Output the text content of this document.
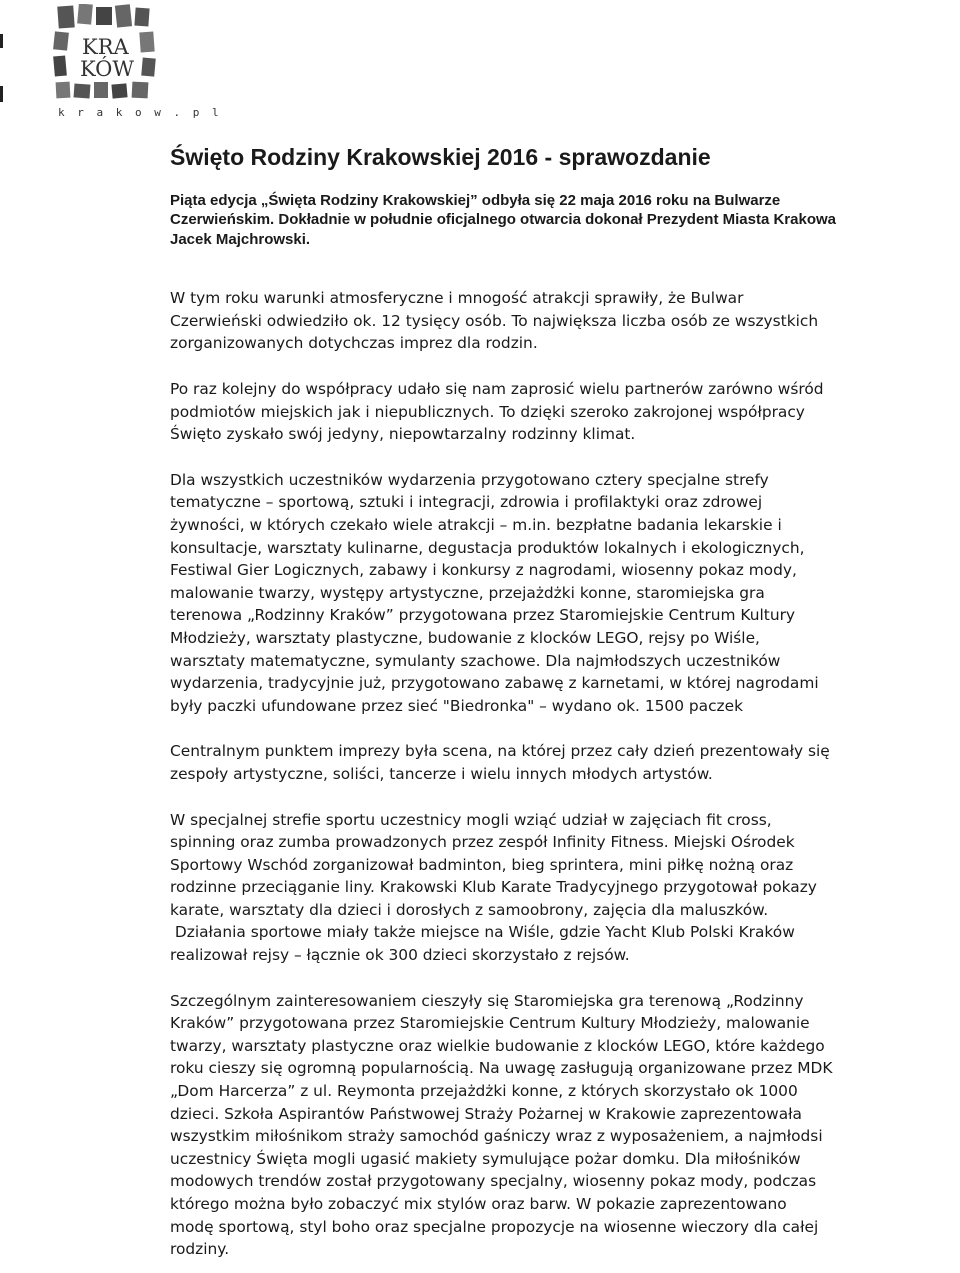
KRA
KÓW
k r a k o w . p l
Święto Rodziny Krakowskiej 2016 - sprawozdanie
Piąta edycja „Święta Rodziny Krakowskiej” odbyła się 22 maja 2016 roku na Bulwarze
Czerwieńskim. Dokładnie w południe oficjalnego otwarcia dokonał Prezydent Miasta Krakowa
Jacek Majchrowski.
W tym roku warunki atmosferyczne i mnogość atrakcji sprawiły, że Bulwar
Czerwieński odwiedziło ok. 12 tysięcy osób. To największa liczba osób ze wszystkich
zorganizowanych dotychczas imprez dla rodzin.
Po raz kolejny do współpracy udało się nam zaprosić wielu partnerów zarówno wśród
podmiotów miejskich jak i niepublicznych. To dzięki szeroko zakrojonej współpracy
Święto zyskało swój jedyny, niepowtarzalny rodzinny klimat.
Dla wszystkich uczestników wydarzenia przygotowano cztery specjalne strefy
tematyczne – sportową, sztuki i integracji, zdrowia i profilaktyki oraz zdrowej
żywności, w których czekało wiele atrakcji – m.in. bezpłatne badania lekarskie i
konsultacje, warsztaty kulinarne, degustacja produktów lokalnych i ekologicznych,
Festiwal Gier Logicznych, zabawy i konkursy z nagrodami, wiosenny pokaz mody,
malowanie twarzy, występy artystyczne, przejażdżki konne, staromiejska gra
terenowa „Rodzinny Kraków” przygotowana przez Staromiejskie Centrum Kultury
Młodzieży, warsztaty plastyczne, budowanie z klocków LEGO, rejsy po Wiśle,
warsztaty matematyczne, symulanty szachowe. Dla najmłodszych uczestników
wydarzenia, tradycyjnie już, przygotowano zabawę z karnetami, w której nagrodami
były paczki ufundowane przez sieć "Biedronka" – wydano ok. 1500 paczek
Centralnym punktem imprezy była scena, na której przez cały dzień prezentowały się
zespoły artystyczne, soliści, tancerze i wielu innych młodych artystów.
W specjalnej strefie sportu uczestnicy mogli wziąć udział w zajęciach fit cross,
spinning oraz zumba prowadzonych przez zespół Infinity Fitness. Miejski Ośrodek
Sportowy Wschód zorganizował badminton, bieg sprintera, mini piłkę nożną oraz
rodzinne przeciąganie liny. Krakowski Klub Karate Tradycyjnego przygotował pokazy
karate, warsztaty dla dzieci i dorosłych z samoobrony, zajęcia dla maluszków.
Działania sportowe miały także miejsce na Wiśle, gdzie Yacht Klub Polski Kraków
realizował rejsy – łącznie ok 300 dzieci skorzystało z rejsów.
Szczególnym zainteresowaniem cieszyły się Staromiejska gra terenową „Rodzinny
Kraków” przygotowana przez Staromiejskie Centrum Kultury Młodzieży, malowanie
twarzy, warsztaty plastyczne oraz wielkie budowanie z klocków LEGO, które każdego
roku cieszy się ogromną popularnością. Na uwagę zasługują organizowane przez MDK
„Dom Harcerza” z ul. Reymonta przejażdżki konne, z których skorzystało ok 1000
dzieci. Szkoła Aspirantów Państwowej Straży Pożarnej w Krakowie zaprezentowała
wszystkim miłośnikom straży samochód gaśniczy wraz z wyposażeniem, a najmłodsi
uczestnicy Święta mogli ugasić makiety symulujące pożar domku. Dla miłośników
modowych trendów został przygotowany specjalny, wiosenny pokaz mody, podczas
którego można było zobaczyć mix stylów oraz barw. W pokazie zaprezentowano
modę sportową, styl boho oraz specjalne propozycje na wiosenne wieczory dla całej
rodziny.
